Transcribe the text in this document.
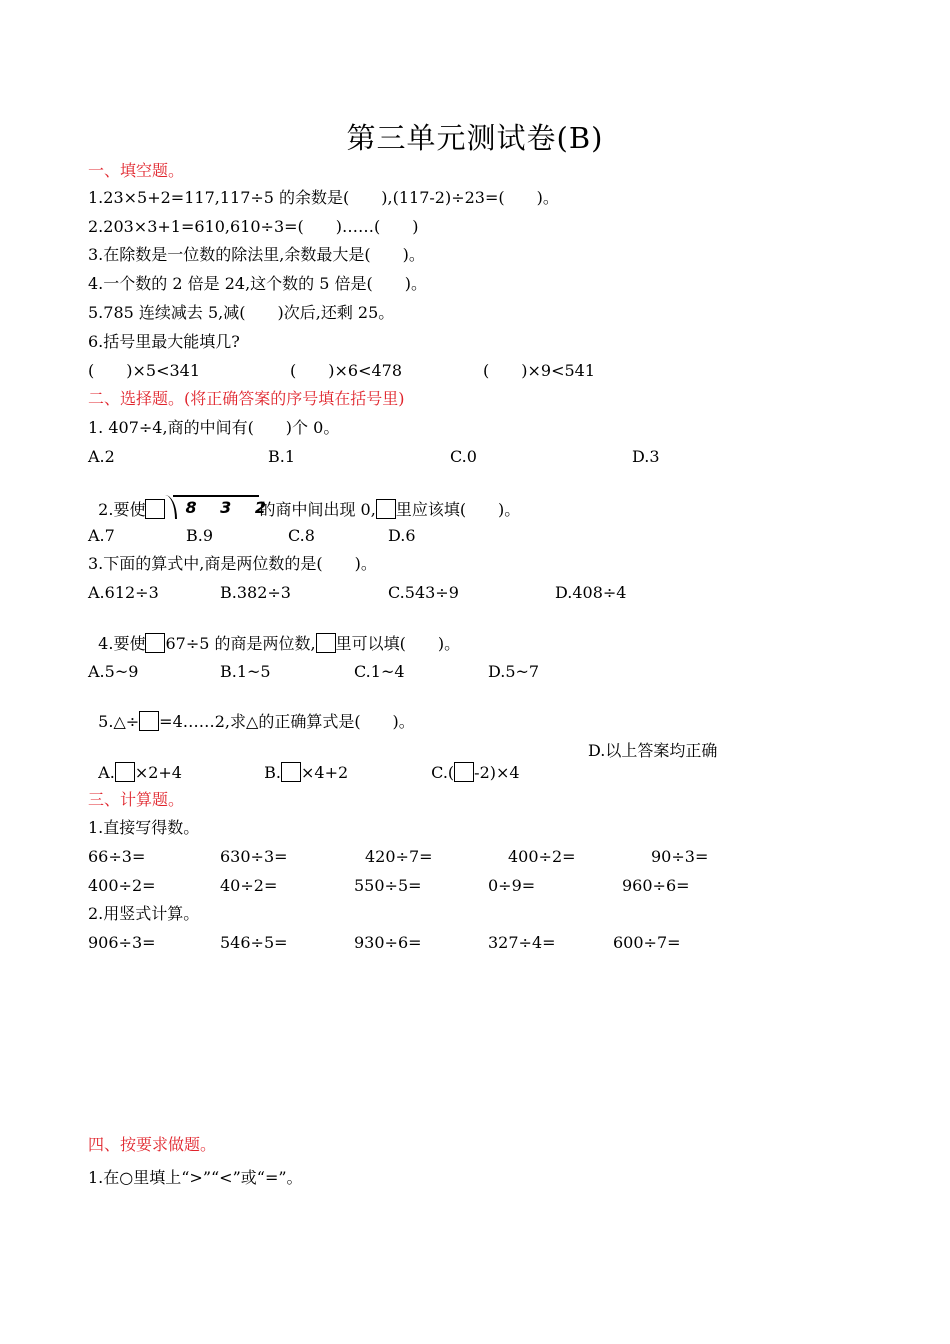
第三单元测试卷(B)
一、填空题。
1.23×5+2=117,117÷5 的余数是(　　),(117-2)÷23=(　　)。
2.203×3+1=610,610÷3=(　　)……(　　)
3.在除数是一位数的除法里,余数最大是(　　)。
4.一个数的 2 倍是 24,这个数的 5 倍是(　　)。
5.785 连续减去 5,减(　　)次后,还剩 25。
6.括号里最大能填几?
(　　)×5<341	(　　)×6<478	(　　)×9<541
二、选择题。(将正确答案的序号填在括号里)
1. 407÷4,商的中间有(　　)个 0。
A.2	B.1	C.0	D.3

2.要使	8 3 2
的商中间出现 0, 里应该填(　　)。

A.7	B.9	C.8	D.6
3.下面的算式中,商是两位数的是(　　)。
A.612÷3	B.382÷3	C.543÷9	D.408÷4

4.要使 67÷5 的商是两位数, 里可以填(　　)。

A.5~9	B.1~5	C.1~4	D.5~7

5.△÷ =4……2,求△的正确算式是(　　)。

A. ×2+4	B. ×4+2	C.( -2)×4

D.以上答案均正确
三、计算题。
1.直接写得数。
66÷3=	630÷3=	420÷7=	400÷2=	90÷3=
400÷2=	40÷2=	550÷5=	0÷9=	960÷6=
2.用竖式计算。
906÷3=	546÷5=	930÷6=	327÷4=	600÷7=
四、按要求做题。
1.在○里填上“>”“<”或“=”。
